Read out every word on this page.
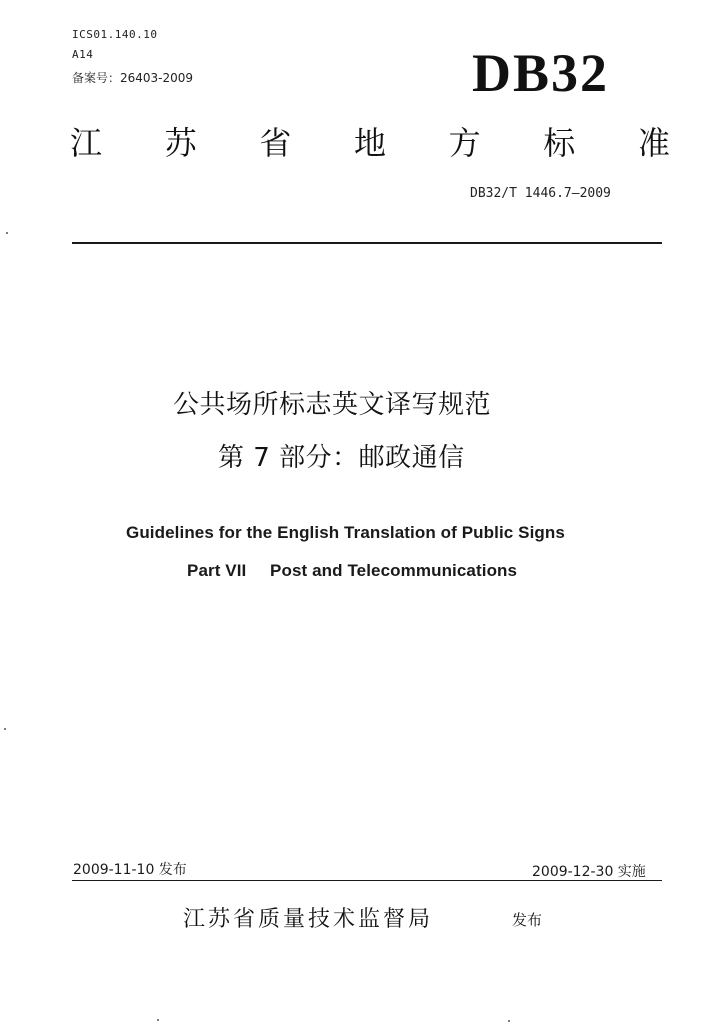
ICS01.140.10
A14
备案号：26403-2009	DB32
江 苏 省 地 方 标 准
DB32/T 1446.7—2009
公共场所标志英文译写规范
第 7 部分：邮政通信
Guidelines for the English Translation of Public Signs
Part VII Post and Telecommunications
2009-11-10 发布	2009-12-30 实施
江苏省质量技术监督局	发布
